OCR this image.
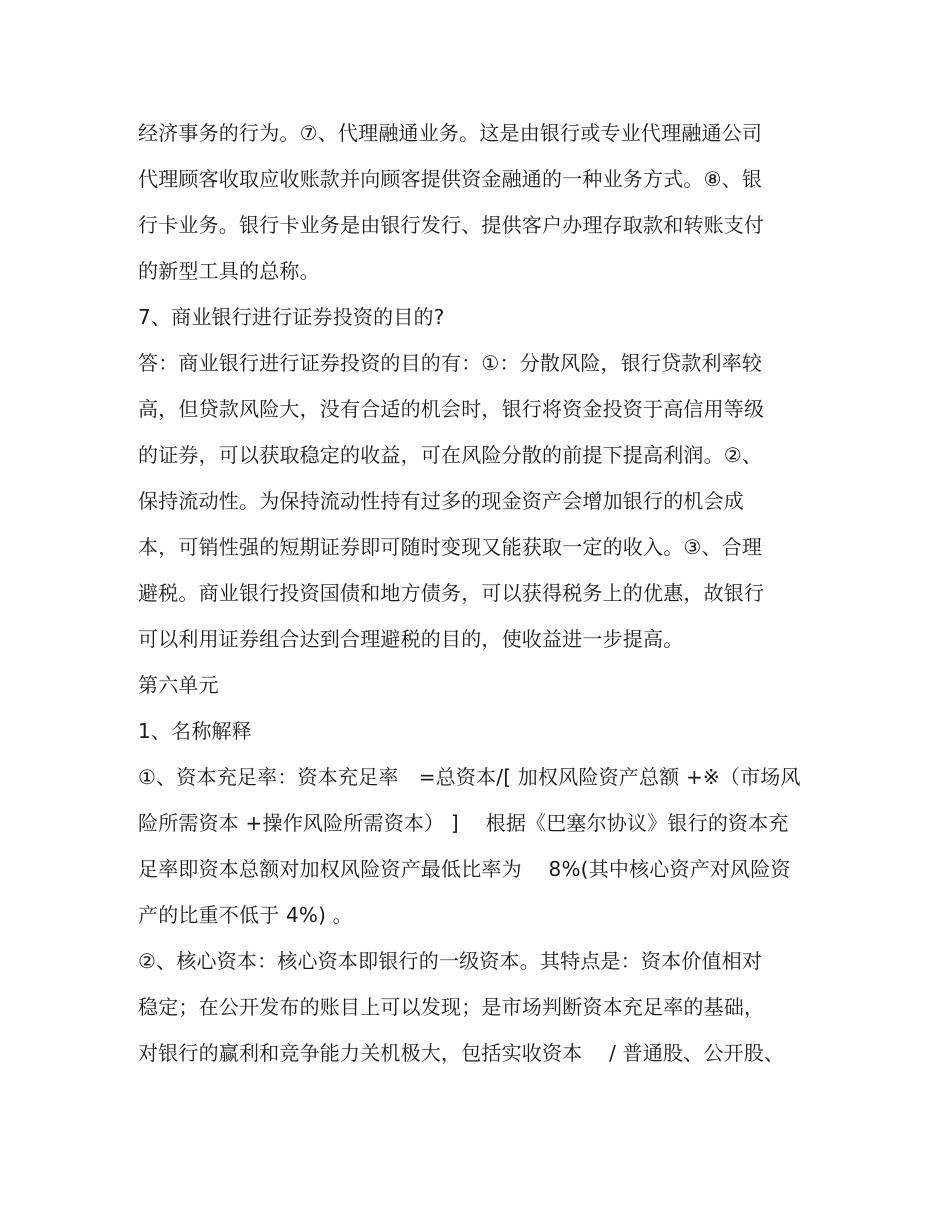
经济事务的行为。⑦、代理融通业务。这是由银行或专业代理融通公司

代理顾客收取应收账款并向顾客提供资金融通的一种业务方式。⑧、银

行卡业务。银行卡业务是由银行发行、提供客户办理存取款和转账支付

的新型工具的总称。

7、商业银行进行证券投资的目的?

答：商业银行进行证券投资的目的有：①：分散风险，银行贷款利率较

高，但贷款风险大，没有合适的机会时，银行将资金投资于高信用等级

的证券，可以获取稳定的收益，可在风险分散的前提下提高利润。②、

保持流动性。为保持流动性持有过多的现金资产会增加银行的机会成

本，可销性强的短期证券即可随时变现又能获取一定的收入。③、合理

避税。商业银行投资国债和地方债务，可以获得税务上的优惠，故银行

可以利用证券组合达到合理避税的目的，使收益进一步提高。

第六单元

1、名称解释

①、资本充足率：资本充足率　=总资本/[ 加权风险资产总额 +※（市场风

险所需资本 +操作风险所需资本） ]　 根据《巴塞尔协议》银行的资本充

足率即资本总额对加权风险资产最低比率为　 8%(其中核心资产对风险资

产的比重不低于 4%) 。

②、核心资本：核心资本即银行的一级资本。其特点是：资本价值相对

稳定；在公开发布的账目上可以发现；是市场判断资本充足率的基础，

对银行的赢利和竞争能力关机极大，包括实收资本　 / 普通股、公开股、
